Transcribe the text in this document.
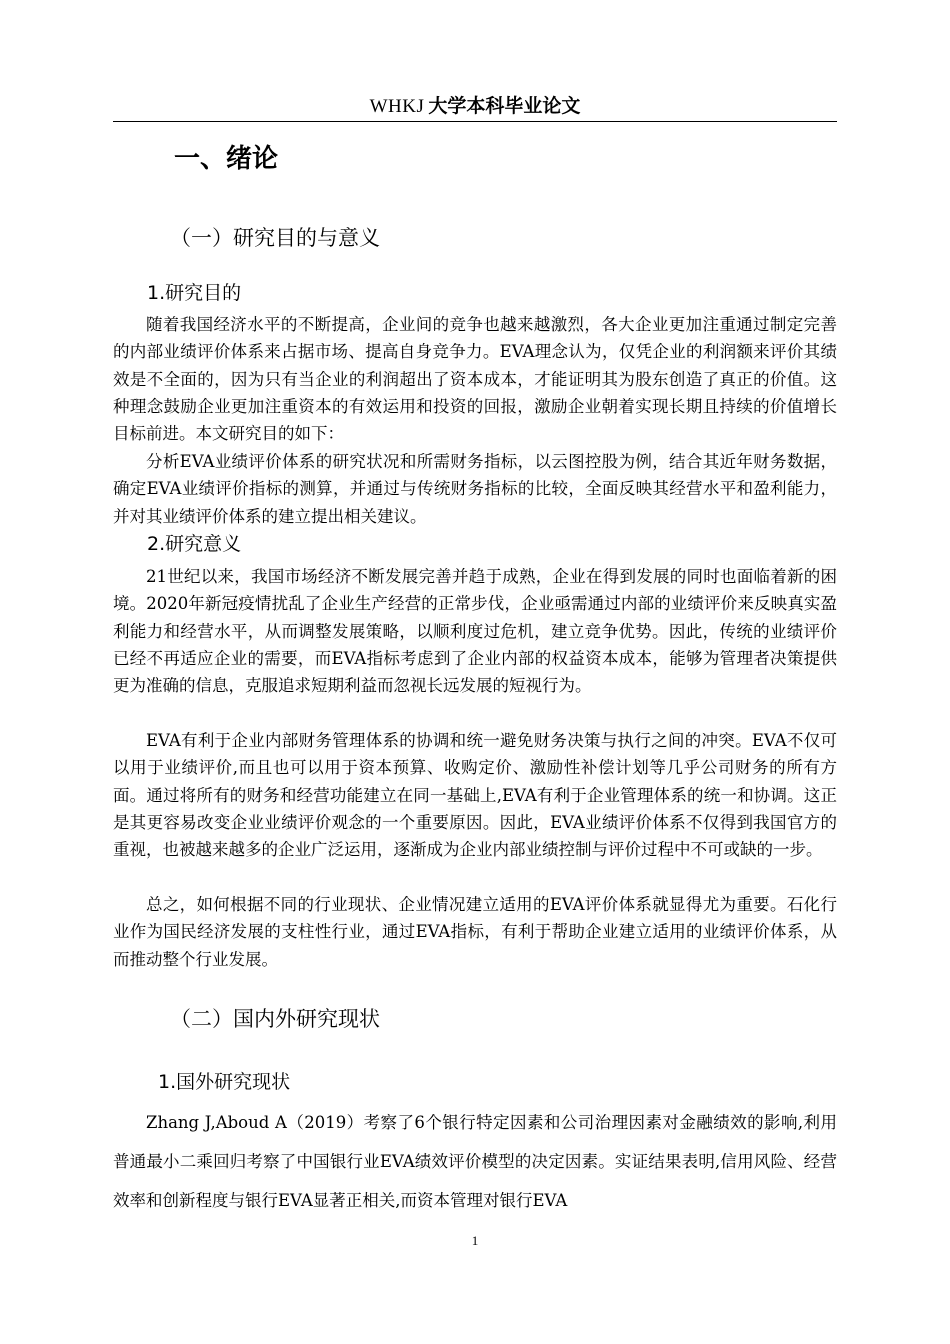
WHKJ 大学本科毕业论文
一、绪论
（一）研究目的与意义
1.研究目的

随着我国经济水平的不断提高，企业间的竞争也越来越激烈，各大企业更加注重通过制定完善的内部业绩评价体系来占据市场、提高自身竞争力。EVA理念认为，仅凭企业的利润额来评价其绩效是不全面的，因为只有当企业的利润超出了资本成本，才能证明其为股东创造了真正的价值。这种理念鼓励企业更加注重资本的有效运用和投资的回报，激励企业朝着实现长期且持续的价值增长目标前进。本文研究目的如下：

分析EVA业绩评价体系的研究状况和所需财务指标，以云图控股为例，结合其近年财务数据，确定EVA业绩评价指标的测算，并通过与传统财务指标的比较，全面反映其经营水平和盈利能力，并对其业绩评价体系的建立提出相关建议。

2.研究意义

21世纪以来，我国市场经济不断发展完善并趋于成熟，企业在得到发展的同时也面临着新的困境。2020年新冠疫情扰乱了企业生产经营的正常步伐，企业亟需通过内部的业绩评价来反映真实盈利能力和经营水平，从而调整发展策略，以顺利度过危机，建立竞争优势。因此，传统的业绩评价已经不再适应企业的需要，而EVA指标考虑到了企业内部的权益资本成本，能够为管理者决策提供更为准确的信息，克服追求短期利益而忽视长远发展的短视行为。

EVA有利于企业内部财务管理体系的协调和统一避免财务决策与执行之间的冲突。EVA不仅可以用于业绩评价,而且也可以用于资本预算、收购定价、激励性补偿计划等几乎公司财务的所有方面。通过将所有的财务和经营功能建立在同一基础上,EVA有利于企业管理体系的统一和协调。这正是其更容易改变企业业绩评价观念的一个重要原因。因此，EVA业绩评价体系不仅得到我国官方的重视，也被越来越多的企业广泛运用，逐渐成为企业内部业绩控制与评价过程中不可或缺的一步。

总之，如何根据不同的行业现状、企业情况建立适用的EVA评价体系就显得尤为重要。石化行业作为国民经济发展的支柱性行业，通过EVA指标，有利于帮助企业建立适用的业绩评价体系，从而推动整个行业发展。

（二）国内外研究现状
1.国外研究现状

Zhang J,Aboud A（2019）考察了6个银行特定因素和公司治理因素对金融绩效的影响,利用普通最小二乘回归考察了中国银行业EVA绩效评价模型的决定因素。实证结果表明,信用风险、经营效率和创新程度与银行EVA显著正相关,而资本管理对银行EVA

1
